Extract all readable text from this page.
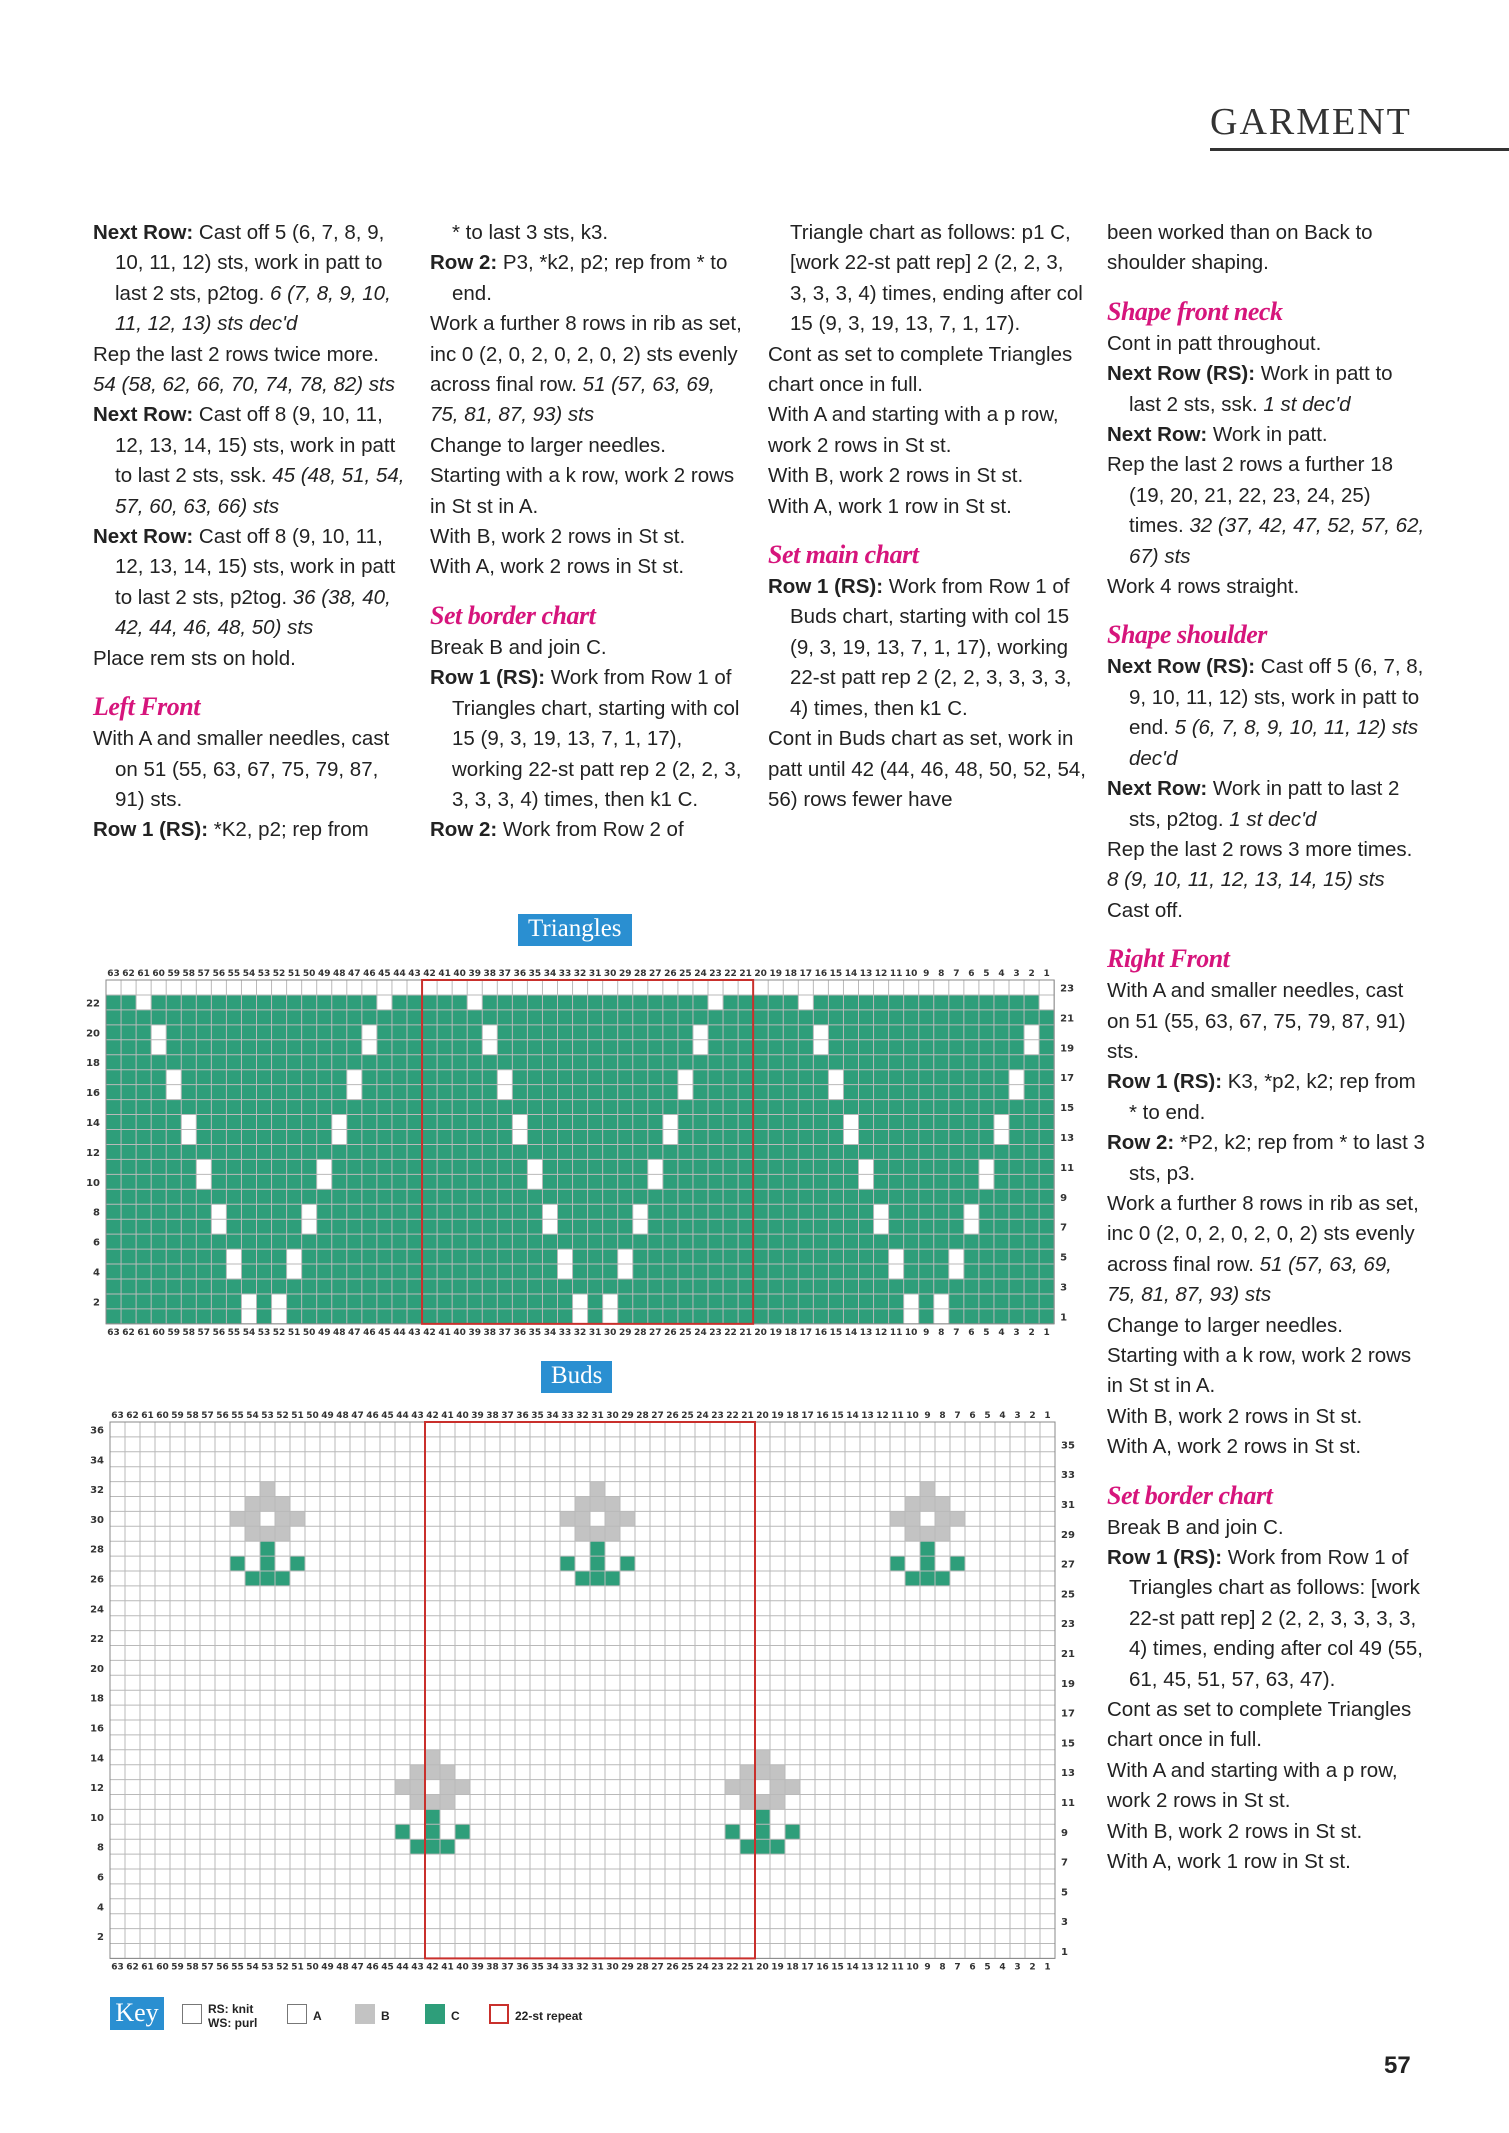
GARMENT

Next Row: Cast off 5 (6, 7, 8, 9, 10, 11, 12) sts, work in patt to last 2 sts, p2tog. 6 (7, 8, 9, 10, 11, 12, 13) sts dec'd

Rep the last 2 rows twice more.

54 (58, 62, 66, 70, 74, 78, 82) sts

Next Row: Cast off 8 (9, 10, 11, 12, 13, 14, 15) sts, work in patt to last 2 sts, ssk. 45 (48, 51, 54, 57, 60, 63, 66) sts

Next Row: Cast off 8 (9, 10, 11, 12, 13, 14, 15) sts, work in patt to last 2 sts, p2tog. 36 (38, 40, 42, 44, 46, 48, 50) sts

Place rem sts on hold.

Left Front

With A and smaller needles, cast on 51 (55, 63, 67, 75, 79, 87, 91) sts.

Row 1 (RS): *K2, p2; rep from

* to last 3 sts, k3.

Row 2: P3, *k2, p2; rep from * to end.

Work a further 8 rows in rib as set, inc 0 (2, 0, 2, 0, 2, 0, 2) sts evenly across final row. 51 (57, 63, 69, 75, 81, 87, 93) sts

Change to larger needles.

Starting with a k row, work 2 rows in St st in A.

With B, work 2 rows in St st.

With A, work 2 rows in St st.

Set border chart

Break B and join C.

Row 1 (RS): Work from Row 1 of Triangles chart, starting with col 15 (9, 3, 19, 13, 7, 1, 17), working 22-st patt rep 2 (2, 2, 3, 3, 3, 3, 4) times, then k1 C.

Row 2: Work from Row 2 of

Triangle chart as follows: p1 C, [work 22-st patt rep] 2 (2, 2, 3, 3, 3, 3, 4) times, ending after col 15 (9, 3, 19, 13, 7, 1, 17).

Cont as set to complete Triangles chart once in full.

With A and starting with a p row, work 2 rows in St st.

With B, work 2 rows in St st.

With A, work 1 row in St st.

Set main chart

Row 1 (RS): Work from Row 1 of Buds chart, starting with col 15 (9, 3, 19, 13, 7, 1, 17), working 22-st patt rep 2 (2, 2, 3, 3, 3, 3, 4) times, then k1 C.

Cont in Buds chart as set, work in patt until 42 (44, 46, 48, 50, 52, 54, 56) rows fewer have

been worked than on Back to shoulder shaping.

Shape front neck

Cont in patt throughout.

Next Row (RS): Work in patt to last 2 sts, ssk. 1 st dec'd

Next Row: Work in patt.

Rep the last 2 rows a further 18 (19, 20, 21, 22, 23, 24, 25) times. 32 (37, 42, 47, 52, 57, 62, 67) sts

Work 4 rows straight.

Shape shoulder

Next Row (RS): Cast off 5 (6, 7, 8, 9, 10, 11, 12) sts, work in patt to end. 5 (6, 7, 8, 9, 10, 11, 12) sts dec'd

Next Row: Work in patt to last 2 sts, p2tog. 1 st dec'd

Rep the last 2 rows 3 more times. 8 (9, 10, 11, 12, 13, 14, 15) sts

Cast off.

Right Front

With A and smaller needles, cast on 51 (55, 63, 67, 75, 79, 87, 91) sts.

Row 1 (RS): K3, *p2, k2; rep from * to end.

Row 2: *P2, k2; rep from * to last 3 sts, p3.

Work a further 8 rows in rib as set, inc 0 (2, 0, 2, 0, 2, 0, 2) sts evenly across final row. 51 (57, 63, 69, 75, 81, 87, 93) sts

Change to larger needles.

Starting with a k row, work 2 rows in St st in A.

With B, work 2 rows in St st.

With A, work 2 rows in St st.

Set border chart

Break B and join C.

Row 1 (RS): Work from Row 1 of Triangles chart as follows: [work 22-st patt rep] 2 (2, 2, 3, 3, 3, 3, 4) times, ending after col 49 (55, 61, 45, 51, 57, 63, 47).

Cont as set to complete Triangles chart once in full.

With A and starting with a p row, work 2 rows in St st.

With B, work 2 rows in St st.

With A, work 1 row in St st.

Triangles
Buds
1
1
2
2
3
3
4
4
5
5
6
6
7
7
8
8
9
9
10
10
11
11
12
12
13
13
14
14
15
15
16
16
17
17
18
18
19
19
20
20
21
21
22
22
23
23
24
24
25
25
26
26
27
27
28
28
29
29
30
30
31
31
32
32
33
33
34
34
35
35
36
36
37
37
38
38
39
39
40
40
41
41
42
42
43
43
44
44
45
45
46
46
47
47
48
48
49
49
50
50
51
51
52
52
53
53
54
54
55
55
56
56
57
57
58
58
59
59
60
60
61
61
62
62
63
63
1
2
3
4
5
6
7
8
9
10
11
12
13
14
15
16
17
18
19
20
21
22
23
1
1
2
2
3
3
4
4
5
5
6
6
7
7
8
8
9
9
10
10
11
11
12
12
13
13
14
14
15
15
16
16
17
17
18
18
19
19
20
20
21
21
22
22
23
23
24
24
25
25
26
26
27
27
28
28
29
29
30
30
31
31
32
32
33
33
34
34
35
35
36
36
37
37
38
38
39
39
40
40
41
41
42
42
43
43
44
44
45
45
46
46
47
47
48
48
49
49
50
50
51
51
52
52
53
53
54
54
55
55
56
56
57
57
58
58
59
59
60
60
61
61
62
62
63
63
1
2
3
4
5
6
7
8
9
10
11
12
13
14
15
16
17
18
19
20
21
22
23
24
25
26
27
28
29
30
31
32
33
34
35
36
Key	RS: knit
WS: purl	A	B	C	22-st repeat
57
